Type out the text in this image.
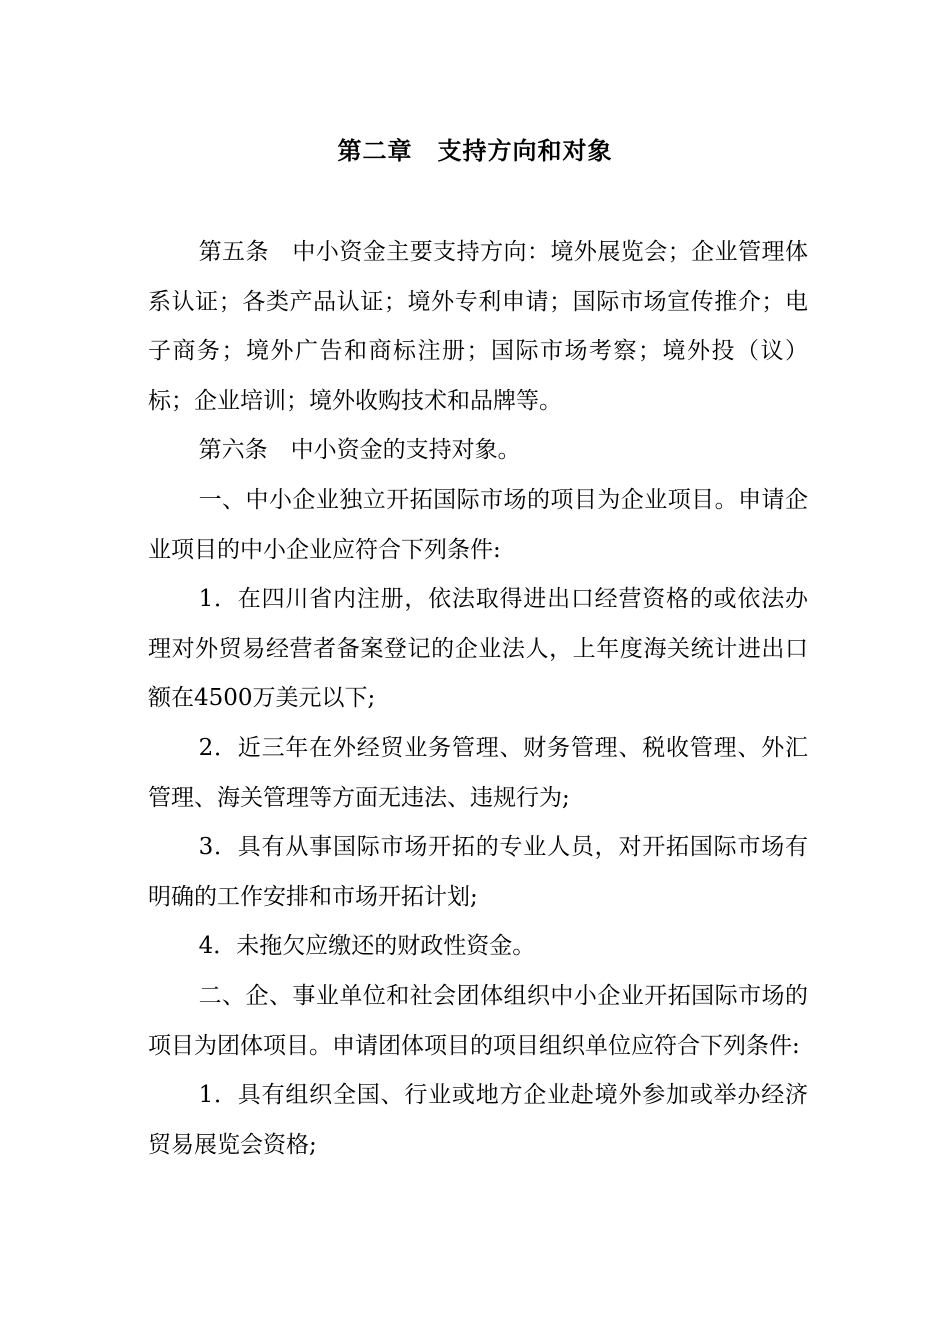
第二章　支持方向和对象

第五条　中小资金主要支持方向：境外展览会；企业管理体系认证；各类产品认证；境外专利申请；国际市场宣传推介；电子商务；境外广告和商标注册；国际市场考察；境外投（议）标；企业培训；境外收购技术和品牌等。

第六条　中小资金的支持对象。

一、中小企业独立开拓国际市场的项目为企业项目。申请企业项目的中小企业应符合下列条件:

1．在四川省内注册，依法取得进出口经营资格的或依法办理对外贸易经营者备案登记的企业法人，上年度海关统计进出口额在4500万美元以下;

2．近三年在外经贸业务管理、财务管理、税收管理、外汇管理、海关管理等方面无违法、违规行为;

3．具有从事国际市场开拓的专业人员，对开拓国际市场有明确的工作安排和市场开拓计划;

4．未拖欠应缴还的财政性资金。

二、企、事业单位和社会团体组织中小企业开拓国际市场的项目为团体项目。申请团体项目的项目组织单位应符合下列条件:

1．具有组织全国、行业或地方企业赴境外参加或举办经济贸易展览会资格;
